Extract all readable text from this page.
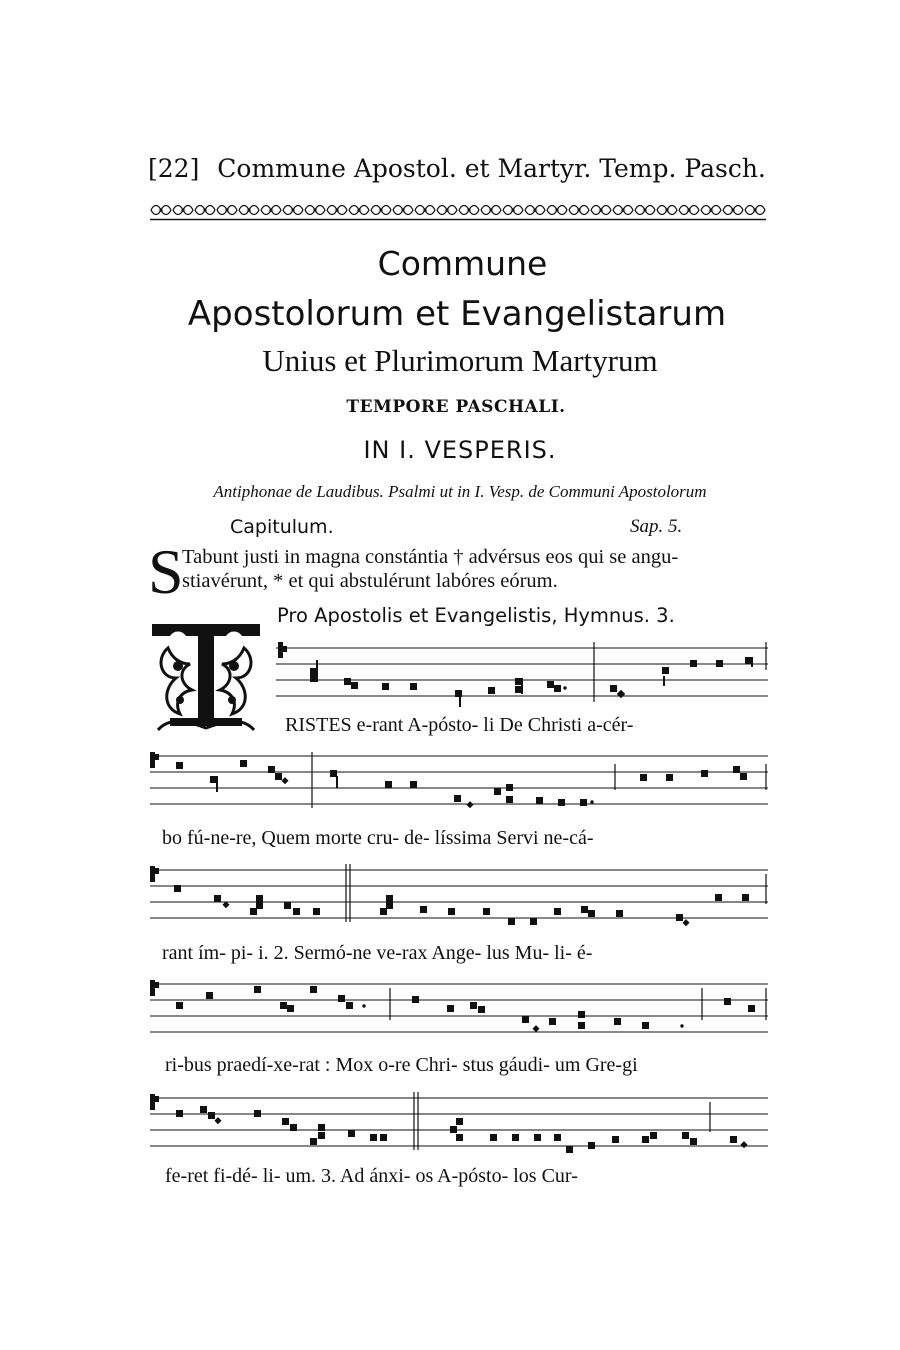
[22] Commune Apostol. et Martyr. Temp. Pasch.
Commune
Apostolorum et Evangelistarum
Unius et Plurimorum Martyrum
TEMPORE PASCHALI.
IN I. VESPERIS.
Antiphonae de Laudibus. Psalmi ut in I. Vesp. de Communi Apostolorum
Capitulum.	Sap. 5.
S
Tabunt justi in magna constántia † advérsus eos qui se angu-
stiavérunt, * et qui abstulérunt labóres eórum.
Pro Apostolis et Evangelistis, Hymnus. 3.
RISTES e-rant A-pósto- li De Christi a-cér-
bo fú-ne-re, Quem morte cru- de- líssima Servi ne-cá-
rant ím- pi- i. 2. Sermó-ne ve-rax Ange- lus Mu- li- é-
ri-bus praedí-xe-rat : Mox o-re Chri- stus gáudi- um Gre-gi
fe-ret fi-dé- li- um. 3. Ad ánxi- os A-pósto- los Cur-
